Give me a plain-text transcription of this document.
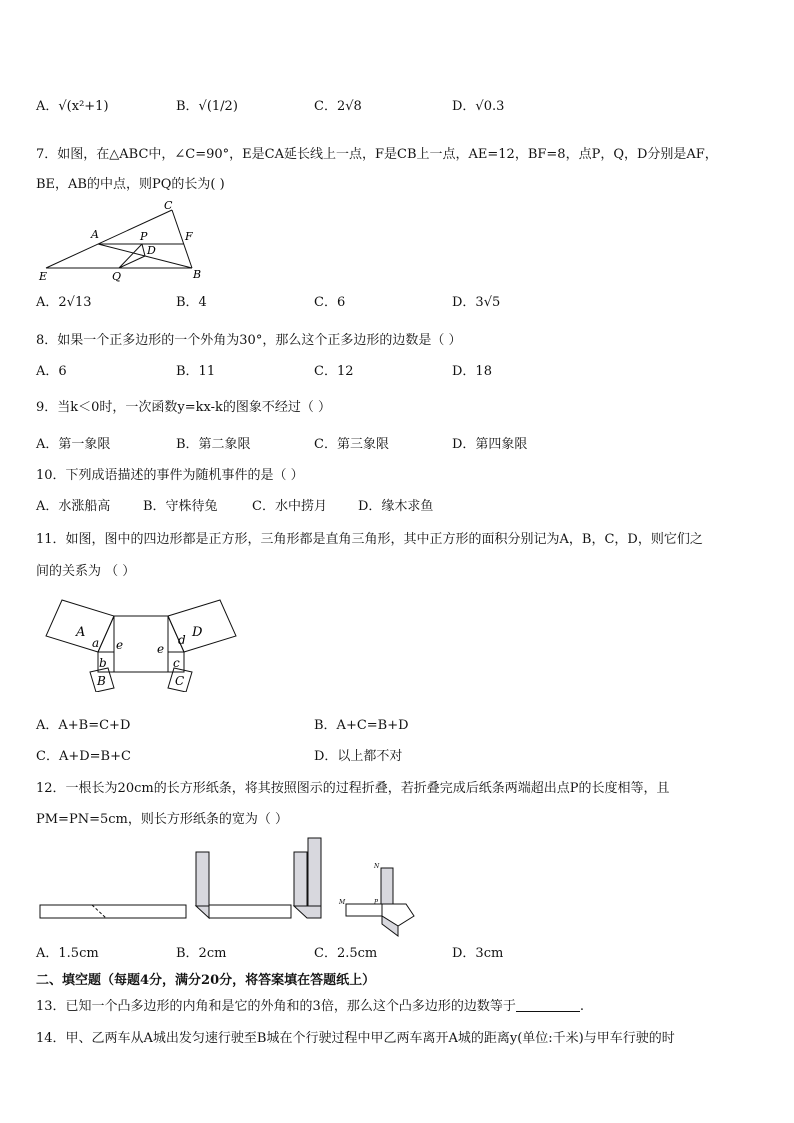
A．√(x²+1)	B．√(1/2)	C．2√8	D．√0.3
7．如图，在△ABC中，∠C=90°，E是CA延长线上一点，F是CB上一点，AE=12，BF=8，点P，Q，D分别是AF，
BE，AB的中点，则PQ的长为( )
C
A	P	F
D
E	Q	B
A．2√13	B．4	C．6	D．3√5
8．如果一个正多边形的一个外角为30°，那么这个正多边形的边数是（ ）
A．6	B．11	C．12	D．18
9．当k＜0时，一次函数y=kx-k的图象不经过（ ）
A．第一象限	B．第二象限	C．第三象限	D．第四象限
10．下列成语描述的事件为随机事件的是（ ）
A．水涨船高	B．守株待兔	C．水中捞月 D．缘木求鱼
11．如图，图中的四边形都是正方形，三角形都是直角三角形，其中正方形的面积分别记为A，B，C，D，则它们之
间的关系为 （ ）
A
a
b
B
e	e
d
c
D
C
A．A+B=C+D	B．A+C=B+D
C．A+D=B+C	D．以上都不对
12．一根长为20cm的长方形纸条，将其按照图示的过程折叠，若折叠完成后纸条两端超出点P的长度相等，且
PM=PN=5cm，则长方形纸条的宽为（ ）
N
M	P
A．1.5cm	B．2cm	C．2.5cm	D．3cm
二、填空题（每题4分，满分20分，将答案填在答题纸上）
13．已知一个凸多边形的内角和是它的外角和的3倍，那么这个凸多边形的边数等于	.
14．甲、乙两车从A城出发匀速行驶至B城在个行驶过程中甲乙两车离开A城的距离y(单位:千米)与甲车行驶的时
